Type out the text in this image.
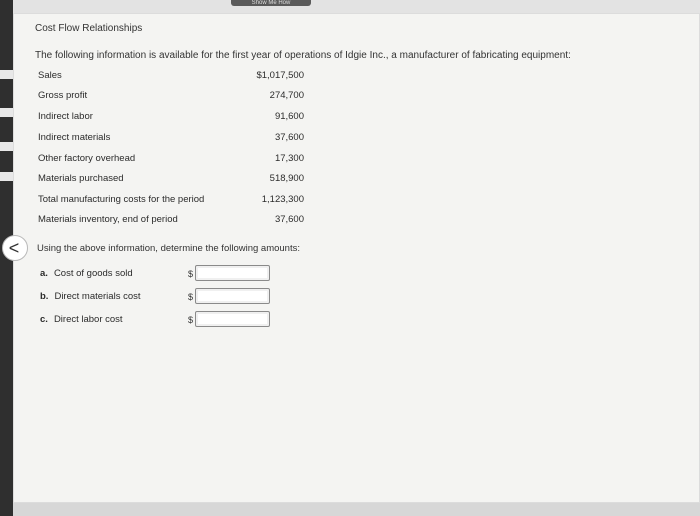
Show Me How
Cost Flow Relationships
The following information is available for the first year of operations of Idgie Inc., a manufacturer of fabricating equipment:
Sales	$1,017,500
Gross profit	274,700
Indirect labor	91,600
Indirect materials	37,600
Other factory overhead	17,300
Materials purchased	518,900
Total manufacturing costs for the period	1,123,300
Materials inventory, end of period	37,600
Using the above information, determine the following amounts:
a. Cost of goods sold	$
b. Direct materials cost	$
c. Direct labor cost	$
<
